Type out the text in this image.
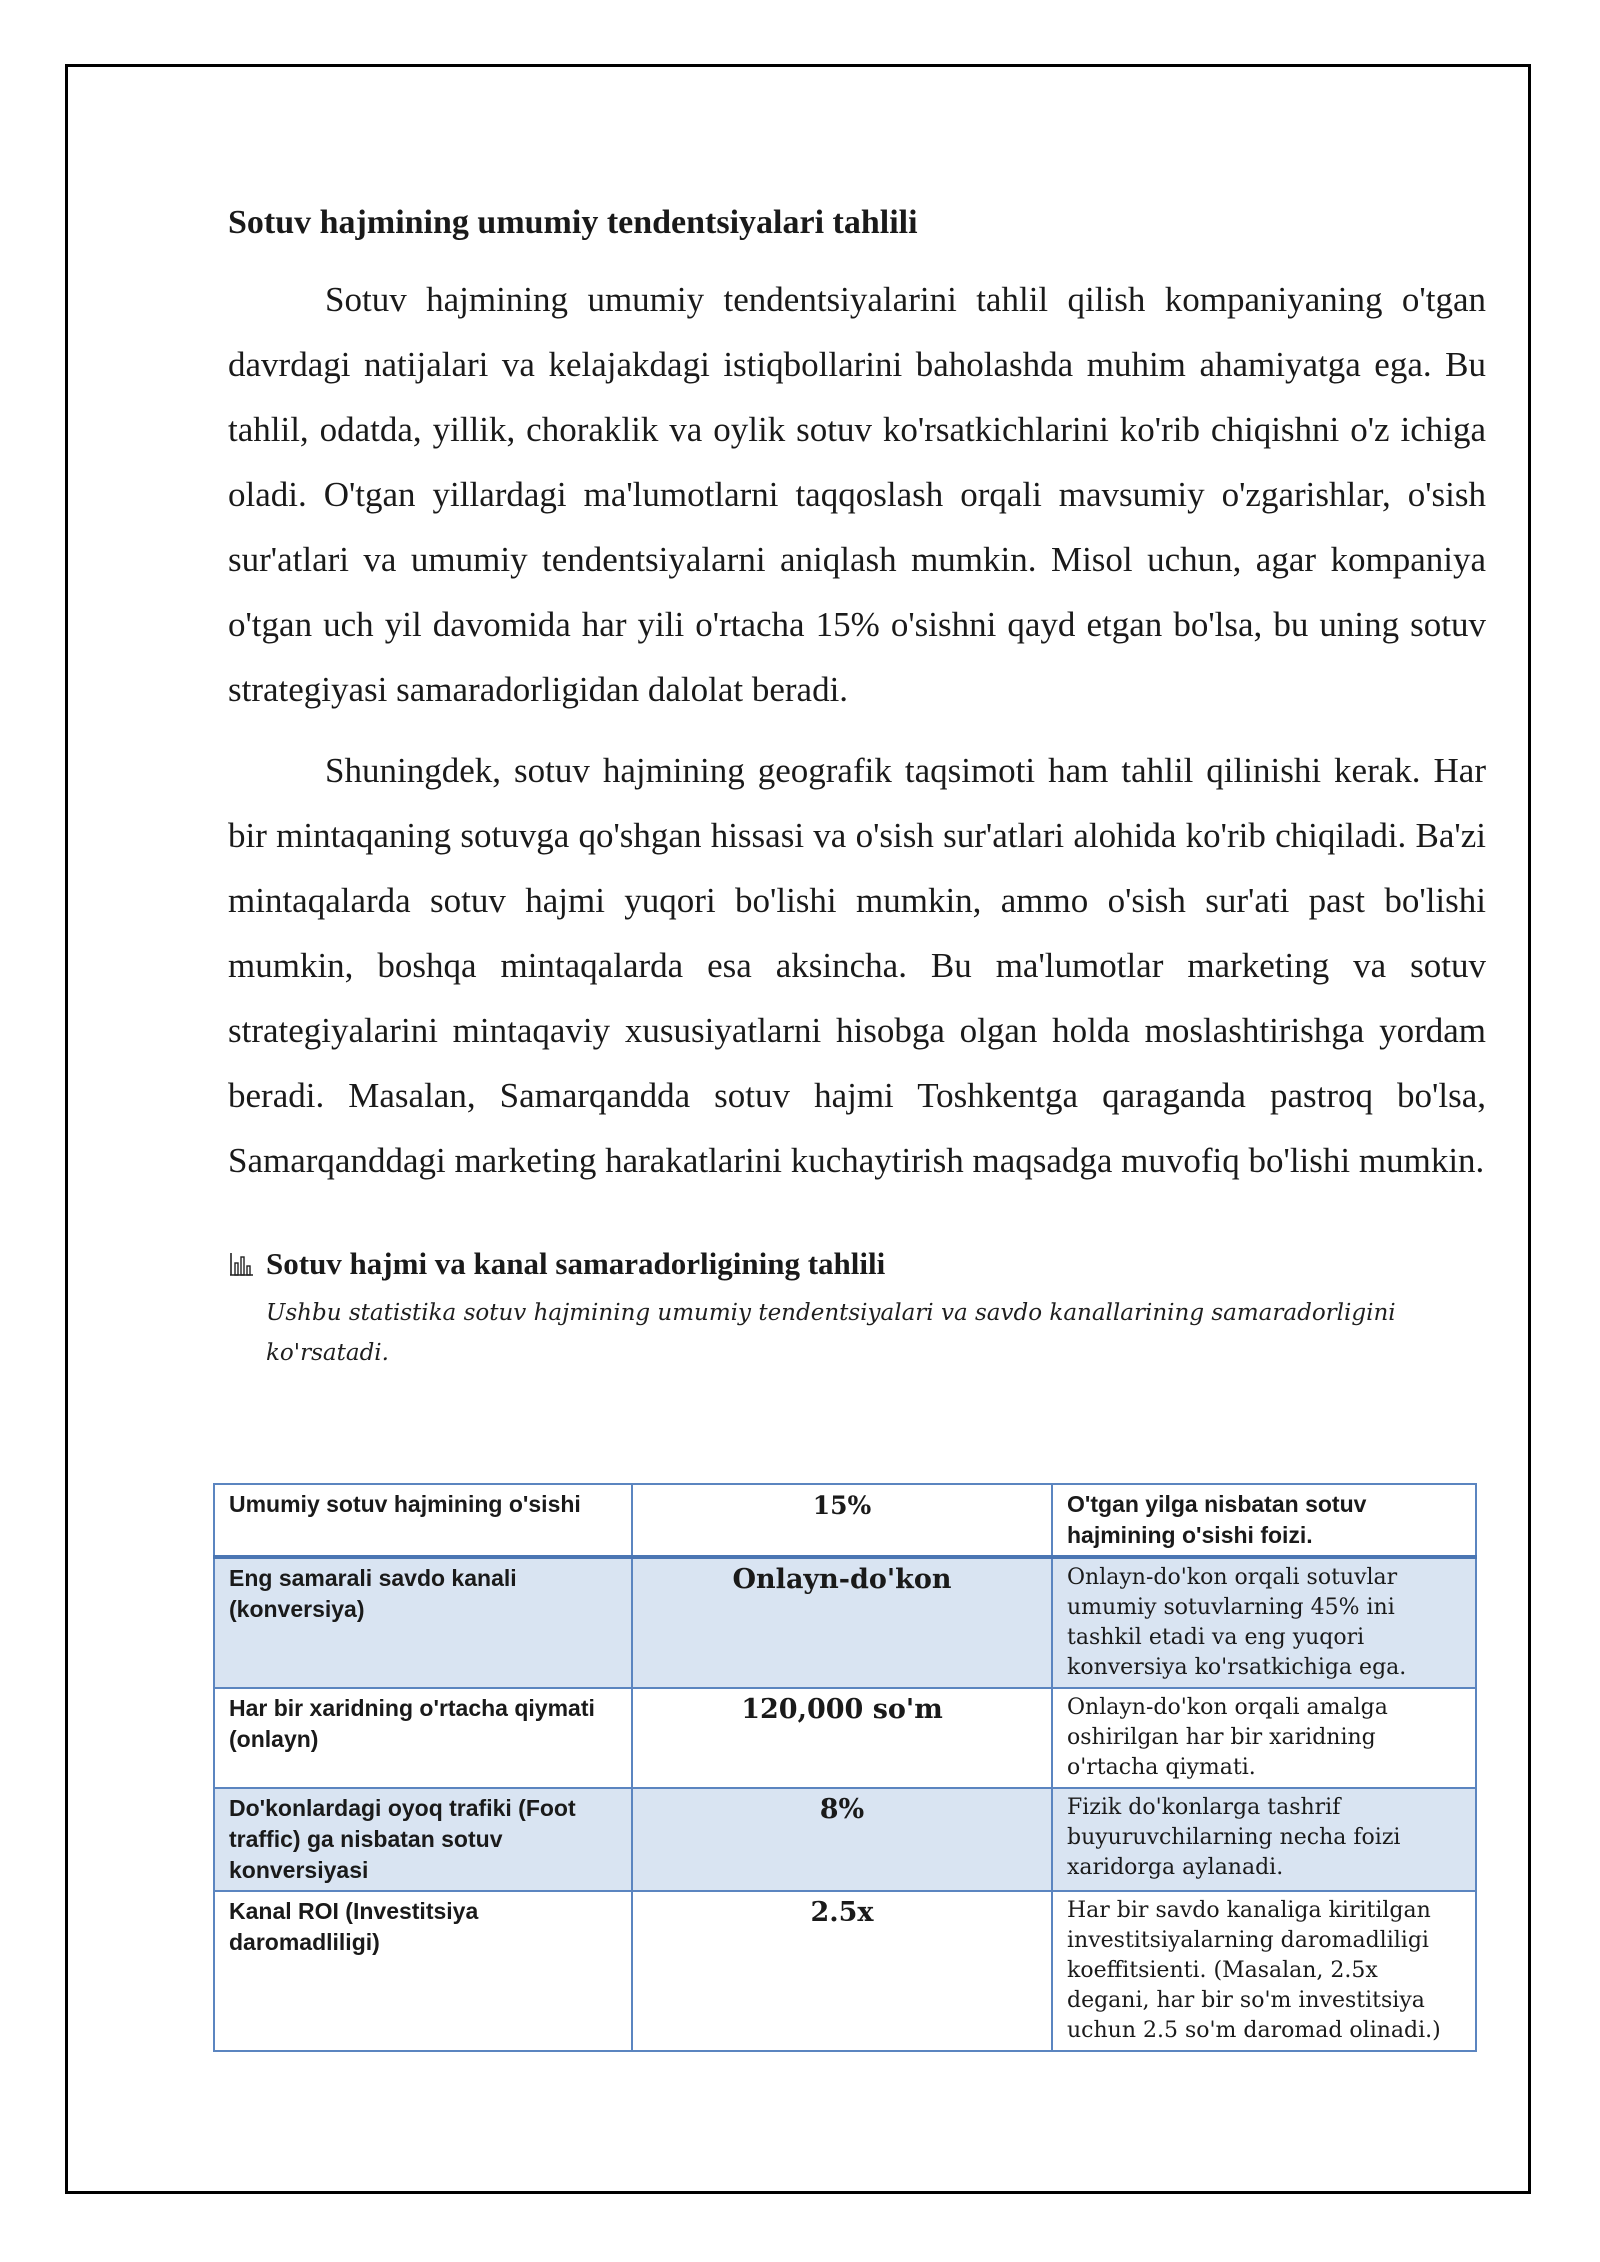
Sotuv hajmining umumiy tendentsiyalari tahlili

Sotuv hajmining umumiy tendentsiyalarini tahlil qilish kompaniyaning o'tgan davrdagi natijalari va kelajakdagi istiqbollarini baholashda muhim ahamiyatga ega. Bu tahlil, odatda, yillik, choraklik va oylik sotuv ko'rsatkichlarini ko'rib chiqishni o'z ichiga oladi. O'tgan yillardagi ma'lumotlarni taqqoslash orqali mavsumiy o'zgarishlar, o'sish sur'atlari va umumiy tendentsiyalarni aniqlash mumkin. Misol uchun, agar kompaniya o'tgan uch yil davomida har yili o'rtacha 15% o'sishni qayd etgan bo'lsa, bu uning sotuv strategiyasi samaradorligidan dalolat beradi.

Shuningdek, sotuv hajmining geografik taqsimoti ham tahlil qilinishi kerak. Har bir mintaqaning sotuvga qo'shgan hissasi va o'sish sur'atlari alohida ko'rib chiqiladi. Ba'zi mintaqalarda sotuv hajmi yuqori bo'lishi mumkin, ammo o'sish sur'ati past bo'lishi mumkin, boshqa mintaqalarda esa aksincha. Bu ma'lumotlar marketing va sotuv strategiyalarini mintaqaviy xususiyatlarni hisobga olgan holda moslashtirishga yordam beradi. Masalan, Samarqandda sotuv hajmi Toshkentga qaraganda pastroq bo'lsa, Samarqanddagi marketing harakatlarini kuchaytirish maqsadga muvofiq bo'lishi mumkin.

Sotuv hajmi va kanal samaradorligining tahlili
Ushbu statistika sotuv hajmining umumiy tendentsiyalari va savdo kanallarining samaradorligini ko'rsatadi.
Umumiy sotuv hajmining o'sishi	15%	O'tgan yilga nisbatan sotuv hajmining o'sishi foizi.
Eng samarali savdo kanali (konversiya)	Onlayn-do'kon	Onlayn-do'kon orqali sotuvlar umumiy sotuvlarning 45% ini tashkil etadi va eng yuqori konversiya ko'rsatkichiga ega.
Har bir xaridning o'rtacha qiymati (onlayn)	120,000 so'm	Onlayn-do'kon orqali amalga oshirilgan har bir xaridning o'rtacha qiymati.
Do'konlardagi oyoq trafiki (Foot traffic) ga nisbatan sotuv konversiyasi	8%	Fizik do'konlarga tashrif buyuruvchilarning necha foizi xaridorga aylanadi.
Kanal ROI (Investitsiya daromadliligi)	2.5x	Har bir savdo kanaliga kiritilgan investitsiyalarning daromadliligi koeffitsienti. (Masalan, 2.5x degani, har bir so'm investitsiya uchun 2.5 so'm daromad olinadi.)
